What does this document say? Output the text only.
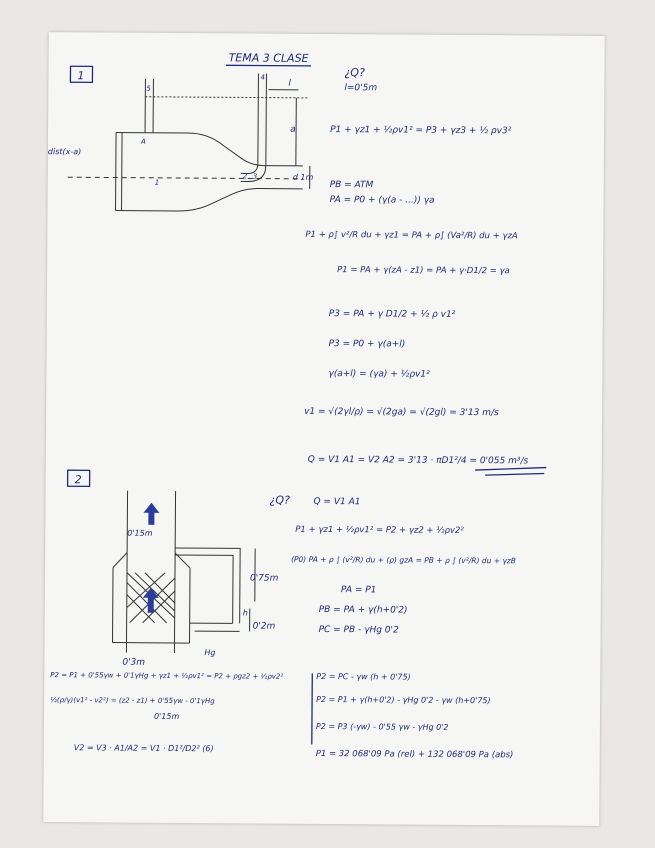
TEMA 3 CLASE
1
l
a
d 1m
dist(x-a)
A
1
2 3
4
5
¿Q?
l=0'5m
P1 + γz1 + ½ρv1² = P3 + γz3 + ½ ρv3²
PB = ATM
PA = P0 + (γ(a - ...)) γa
P1 + ρ∫ v²/R du + γz1 = PA + ρ∫ (Va²/R) du + γzA
P1 = PA + γ(zA - z1) = PA + γ·D1/2 = γa
P3 = PA + γ D1/2 + ½ ρ v1²
P3 = P0 + γ(a+l)
γ(a+l) = (γa) + ½ρv1²
v1 = √(2γl/ρ) = √(2ga) = √(2gl) = 3'13 m/s
Q = V1 A1 = V2 A2 = 3'13 · πD1²/4 = 0'055 m³/s
2
0'15m
0'75m
0'2m
h
0'3m
Hg
¿Q?	Q = V1 A1
P1 + γz1 + ½ρv1² = P2 + γz2 + ½ρv2²
(P0) PA + ρ ∫ (v²/R) du + (ρ) gzA = PB + ρ ∫ (v²/R) du + γzB
PA = P1
PB = PA + γ(h+0'2)
PC = PB - γHg 0'2
P2 = P1 + 0'55γw + 0'1γHg + γz1 + ½ρv1² = P2 + ρgz2 + ½ρv2²
½(ρ/γ)(v1² - v2²) = (z2 - z1) + 0'55γw - 0'1γHg
0'15m
P2 = PC - γw (h + 0'75)
P2 = P1 + γ(h+0'2) - γHg 0'2 - γw (h+0'75)
P2 = P3 (-γw) - 0'55 γw - γHg 0'2
V2 = V3 · A1/A2 = V1 · D1²/D2² (6)
P1 = 32 068'09 Pa (rel) + 132 068'09 Pa (abs)
